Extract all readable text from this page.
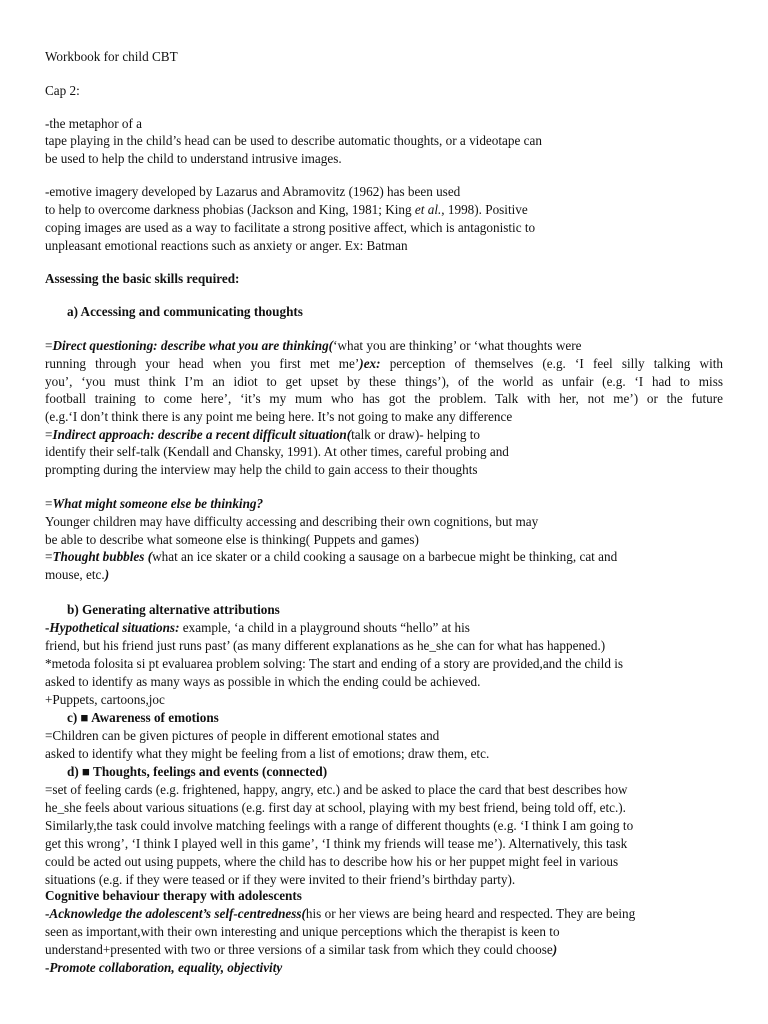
Workbook for child CBT
Cap 2:
-the metaphor of a
tape playing in the child’s head can be used to describe automatic thoughts, or a videotape can
be used to help the child to understand intrusive images.
-emotive imagery developed by Lazarus and Abramovitz (1962) has been used
to help to overcome darkness phobias (Jackson and King, 1981; King et al., 1998). Positive
coping images are used as a way to facilitate a strong positive affect, which is antagonistic to
unpleasant emotional reactions such as anxiety or anger. Ex: Batman
Assessing the basic skills required:
a) Accessing and communicating thoughts
=Direct questioning: describe what you are thinking(‘what you are thinking’ or ‘what thoughts were
running through your head when you first met me’)ex: perception of themselves (e.g. ‘I feel silly talking with
you’, ‘you must think I’m an idiot to get upset by these things’), of the world as unfair (e.g. ‘I had to miss
football training to come here’, ‘it’s my mum who has got the problem. Talk with her, not me’) or the future
(e.g.‘I don’t think there is any point me being here. It’s not going to make any difference
=Indirect approach: describe a recent difficult situation(talk or draw)- helping to
identify their self-talk (Kendall and Chansky, 1991). At other times, careful probing and
prompting during the interview may help the child to gain access to their thoughts
=What might someone else be thinking?
Younger children may have difficulty accessing and describing their own cognitions, but may
be able to describe what someone else is thinking( Puppets and games)
=Thought bubbles (what an ice skater or a child cooking a sausage on a barbecue might be thinking, cat and
mouse, etc.)
b) Generating alternative attributions
-Hypothetical situations: example, ‘a child in a playground shouts “hello” at his
friend, but his friend just runs past’ (as many different explanations as he_she can for what has happened.)
*metoda folosita si pt evaluarea problem solving: The start and ending of a story are provided,and the child is
asked to identify as many ways as possible in which the ending could be achieved.
+Puppets, cartoons,joc
c) ■ Awareness of emotions
=Children can be given pictures of people in different emotional states and
asked to identify what they might be feeling from a list of emotions; draw them, etc.
d) ■ Thoughts, feelings and events (connected)
=set of feeling cards (e.g. frightened, happy, angry, etc.) and be asked to place the card that best describes how
he_she feels about various situations (e.g. first day at school, playing with my best friend, being told off, etc.).
Similarly,the task could involve matching feelings with a range of different thoughts (e.g. ‘I think I am going to
get this wrong’, ‘I think I played well in this game’, ‘I think my friends will tease me’). Alternatively, this task
could be acted out using puppets, where the child has to describe how his or her puppet might feel in various
situations (e.g. if they were teased or if they were invited to their friend’s birthday party).
Cognitive behaviour therapy with adolescents
-Acknowledge the adolescent’s self-centredness(his or her views are being heard and respected. They are being
seen as important,with their own interesting and unique perceptions which the therapist is keen to
understand+presented with two or three versions of a similar task from which they could choose)
-Promote collaboration, equality, objectivity
